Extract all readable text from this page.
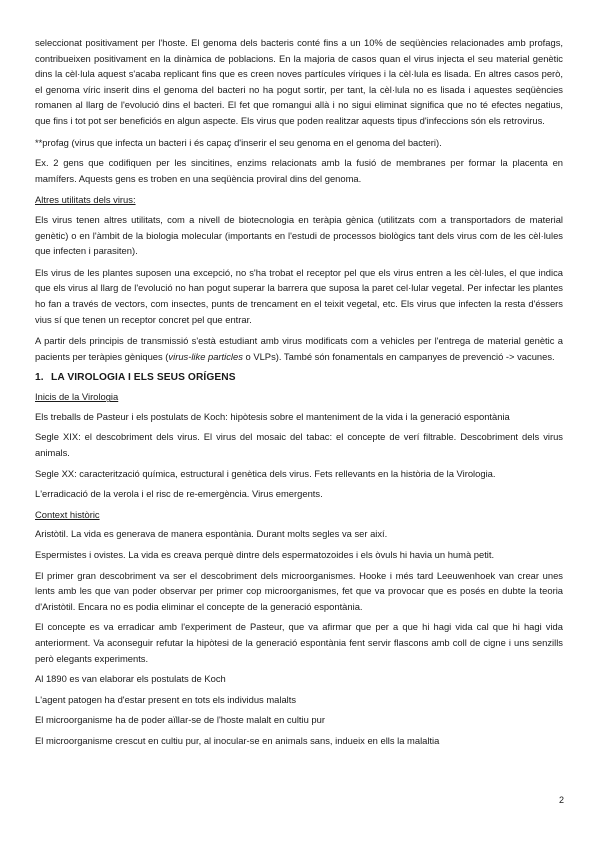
seleccionat positivament per l'hoste. El genoma dels bacteris conté fins a un 10% de seqüències relacionades amb profags, contribueixen positivament en la dinàmica de poblacions. En la majoria de casos quan el virus injecta el seu material genètic dins la cèl·lula aquest s'acaba replicant fins que es creen noves partícules víriques i la cèl·lula es lisada. En altres casos però, el genoma víric inserit dins el genoma del bacteri no ha pogut sortir, per tant, la cèl·lula no es lisada i aquestes seqüències romanen al llarg de l'evolució dins el bacteri. El fet que romangui allà i no sigui eliminat significa que no té efectes negatius, que fins i tot pot ser beneficiós en algun aspecte. Els virus que poden realitzar aquests tipus d'infeccions són els retrovirus.

**profag (virus que infecta un bacteri i és capaç d'inserir el seu genoma en el genoma del bacteri).

Ex. 2 gens que codifiquen per les sincitines, enzims relacionats amb la fusió de membranes per formar la placenta en mamífers. Aquests gens es troben en una seqüència proviral dins del genoma.

Altres utilitats dels virus:

Els virus tenen altres utilitats, com a nivell de biotecnologia en teràpia gènica (utilitzats com a transportadors de material genètic) o en l'àmbit de la biologia molecular (importants en l'estudi de processos biològics tant dels virus com de les cèl·lules que infecten i parasiten).

Els virus de les plantes suposen una excepció, no s'ha trobat el receptor pel que els virus entren a les cèl·lules, el que indica que els virus al llarg de l'evolució no han pogut superar la barrera que suposa la paret cel·lular vegetal. Per infectar les plantes ho fan a través de vectors, com insectes, punts de trencament en el teixit vegetal, etc. Els virus que infecten la resta d'éssers vius sí que tenen un receptor concret pel que entrar.

A partir dels principis de transmissió s'està estudiant amb virus modificats com a vehicles per l'entrega de material genètic a pacients per teràpies gèniques (virus-like particles o VLPs). També són fonamentals en campanyes de prevenció -> vacunes.

1. LA VIROLOGIA I ELS SEUS ORÍGENS

Inicis de la Virologia

Els treballs de Pasteur i els postulats de Koch: hipòtesis sobre el manteniment de la vida i la generació espontània

Segle XIX: el descobriment dels virus. El virus del mosaic del tabac: el concepte de verí filtrable. Descobriment dels virus animals.

Segle XX: caracterització química, estructural i genètica dels virus. Fets rellevants en la història de la Virologia.

L'erradicació de la verola i el risc de re-emergència. Virus emergents.

Context històric

Aristòtil. La vida es generava de manera espontània. Durant molts segles va ser així.

Espermistes i ovistes. La vida es creava perquè dintre dels espermatozoides i els òvuls hi havia un humà petit.

El primer gran descobriment va ser el descobriment dels microorganismes. Hooke i més tard Leeuwenhoek van crear unes lents amb les que van poder observar per primer cop microorganismes, fet que va provocar que es posés en dubte la teoria d'Aristòtil. Encara no es podia eliminar el concepte de la generació espontània.

El concepte es va erradicar amb l'experiment de Pasteur, que va afirmar que per a que hi hagi vida cal que hi hagi vida anteriorment. Va aconseguir refutar la hipòtesi de la generació espontània fent servir flascons amb coll de cigne i uns senzills però elegants experiments.

Al 1890 es van elaborar els postulats de Koch

L'agent patogen ha d'estar present en tots els individus malalts

El microorganisme ha de poder aïllar-se de l'hoste malalt en cultiu pur

El microorganisme crescut en cultiu pur, al inocular-se en animals sans, indueix en ells la malaltia

2
